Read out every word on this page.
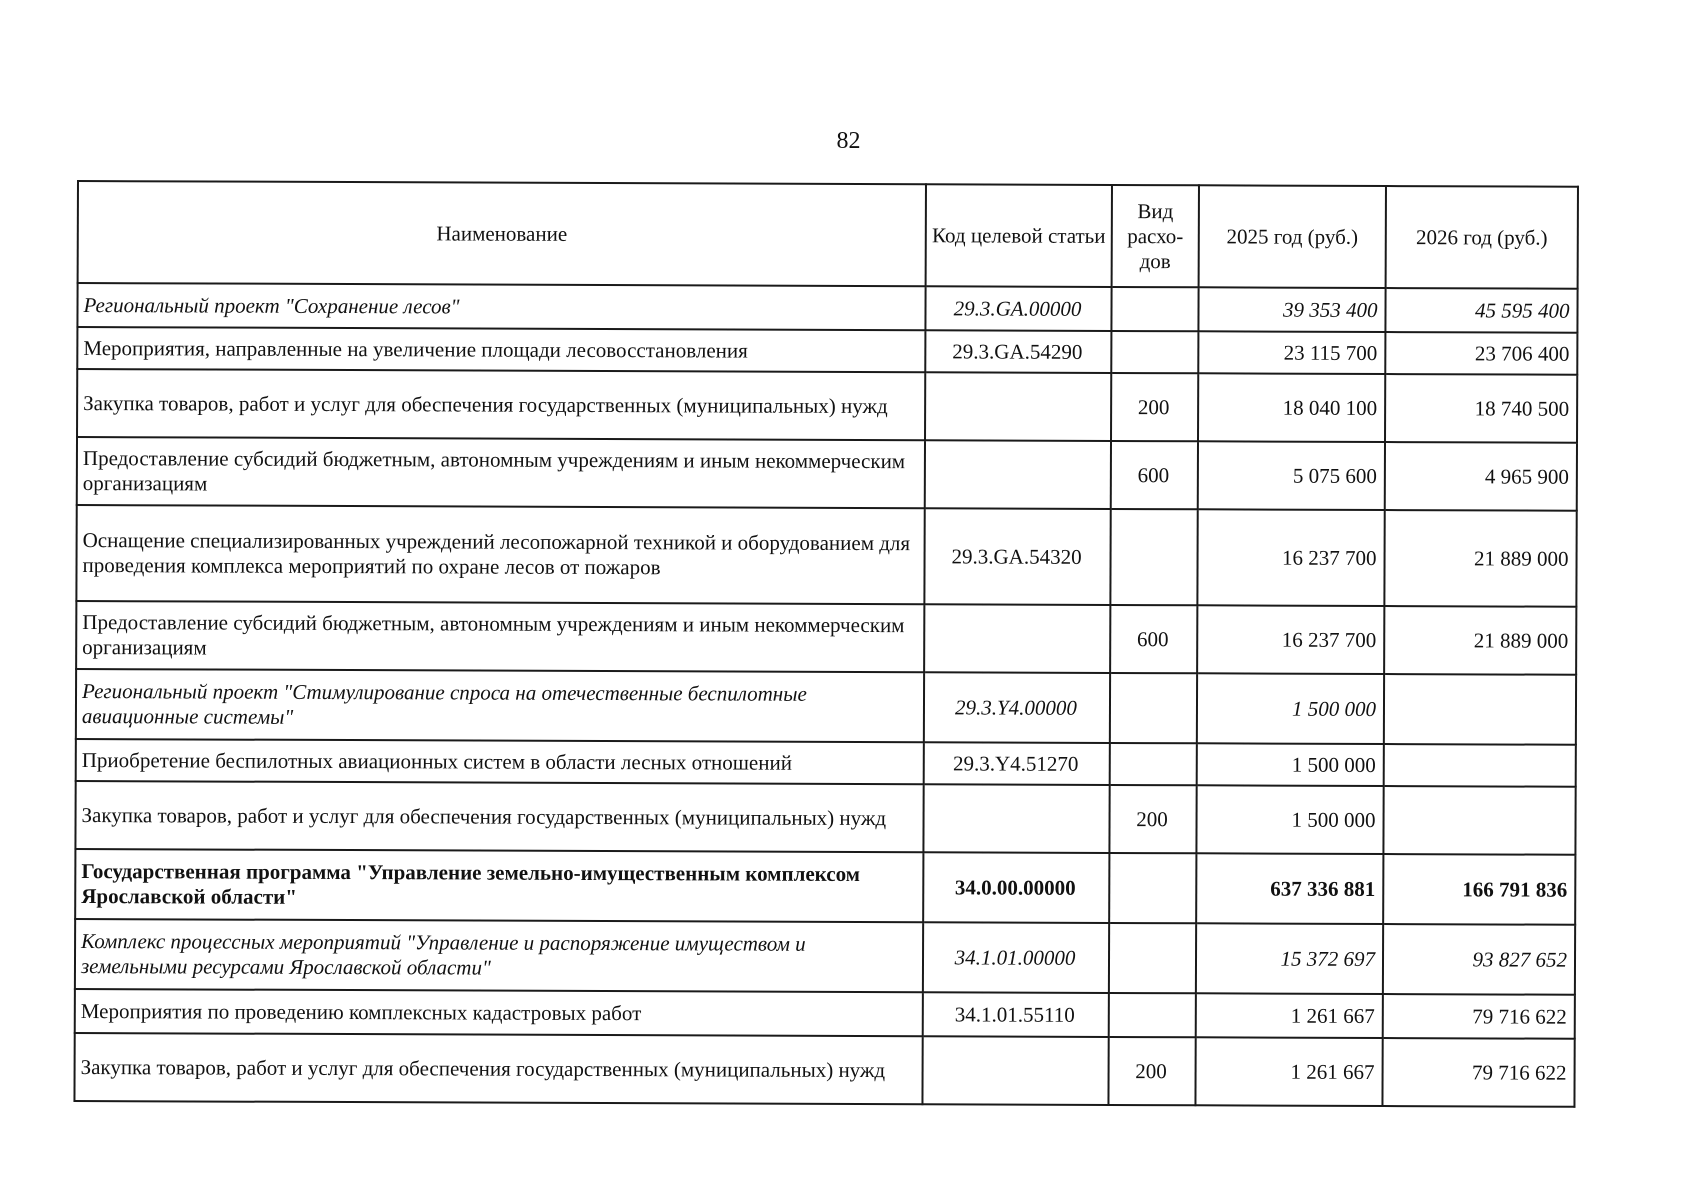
82
Наименование	Код целевой статьи	Вид расхо-дов	2025 год (руб.)	2026 год (руб.)
Региональный проект "Сохранение лесов"	29.3.GA.00000		39 353 400	45 595 400
Мероприятия, направленные на увеличение площади лесовосстановления	29.3.GA.54290		23 115 700	23 706 400
Закупка товаров, работ и услуг для обеспечения государственных (муниципальных) нужд		200	18 040 100	18 740 500
Предоставление субсидий бюджетным, автономным учреждениям и иным некоммерческим организациям		600	5 075 600	4 965 900
Оснащение специализированных учреждений лесопожарной техникой и оборудованием для проведения комплекса мероприятий по охране лесов от пожаров	29.3.GA.54320		16 237 700	21 889 000
Предоставление субсидий бюджетным, автономным учреждениям и иным некоммерческим организациям		600	16 237 700	21 889 000
Региональный проект "Стимулирование спроса на отечественные беспилотные авиационные системы"	29.3.Y4.00000		1 500 000	
Приобретение беспилотных авиационных систем в области лесных отношений	29.3.Y4.51270		1 500 000	
Закупка товаров, работ и услуг для обеспечения государственных (муниципальных) нужд		200	1 500 000	
Государственная программа "Управление земельно-имущественным комплексом Ярославской области"	34.0.00.00000		637 336 881	166 791 836
Комплекс процессных мероприятий "Управление и распоряжение имуществом и земельными ресурсами Ярославской области"	34.1.01.00000		15 372 697	93 827 652
Мероприятия по проведению комплексных кадастровых работ	34.1.01.55110		1 261 667	79 716 622
Закупка товаров, работ и услуг для обеспечения государственных (муниципальных) нужд		200	1 261 667	79 716 622
